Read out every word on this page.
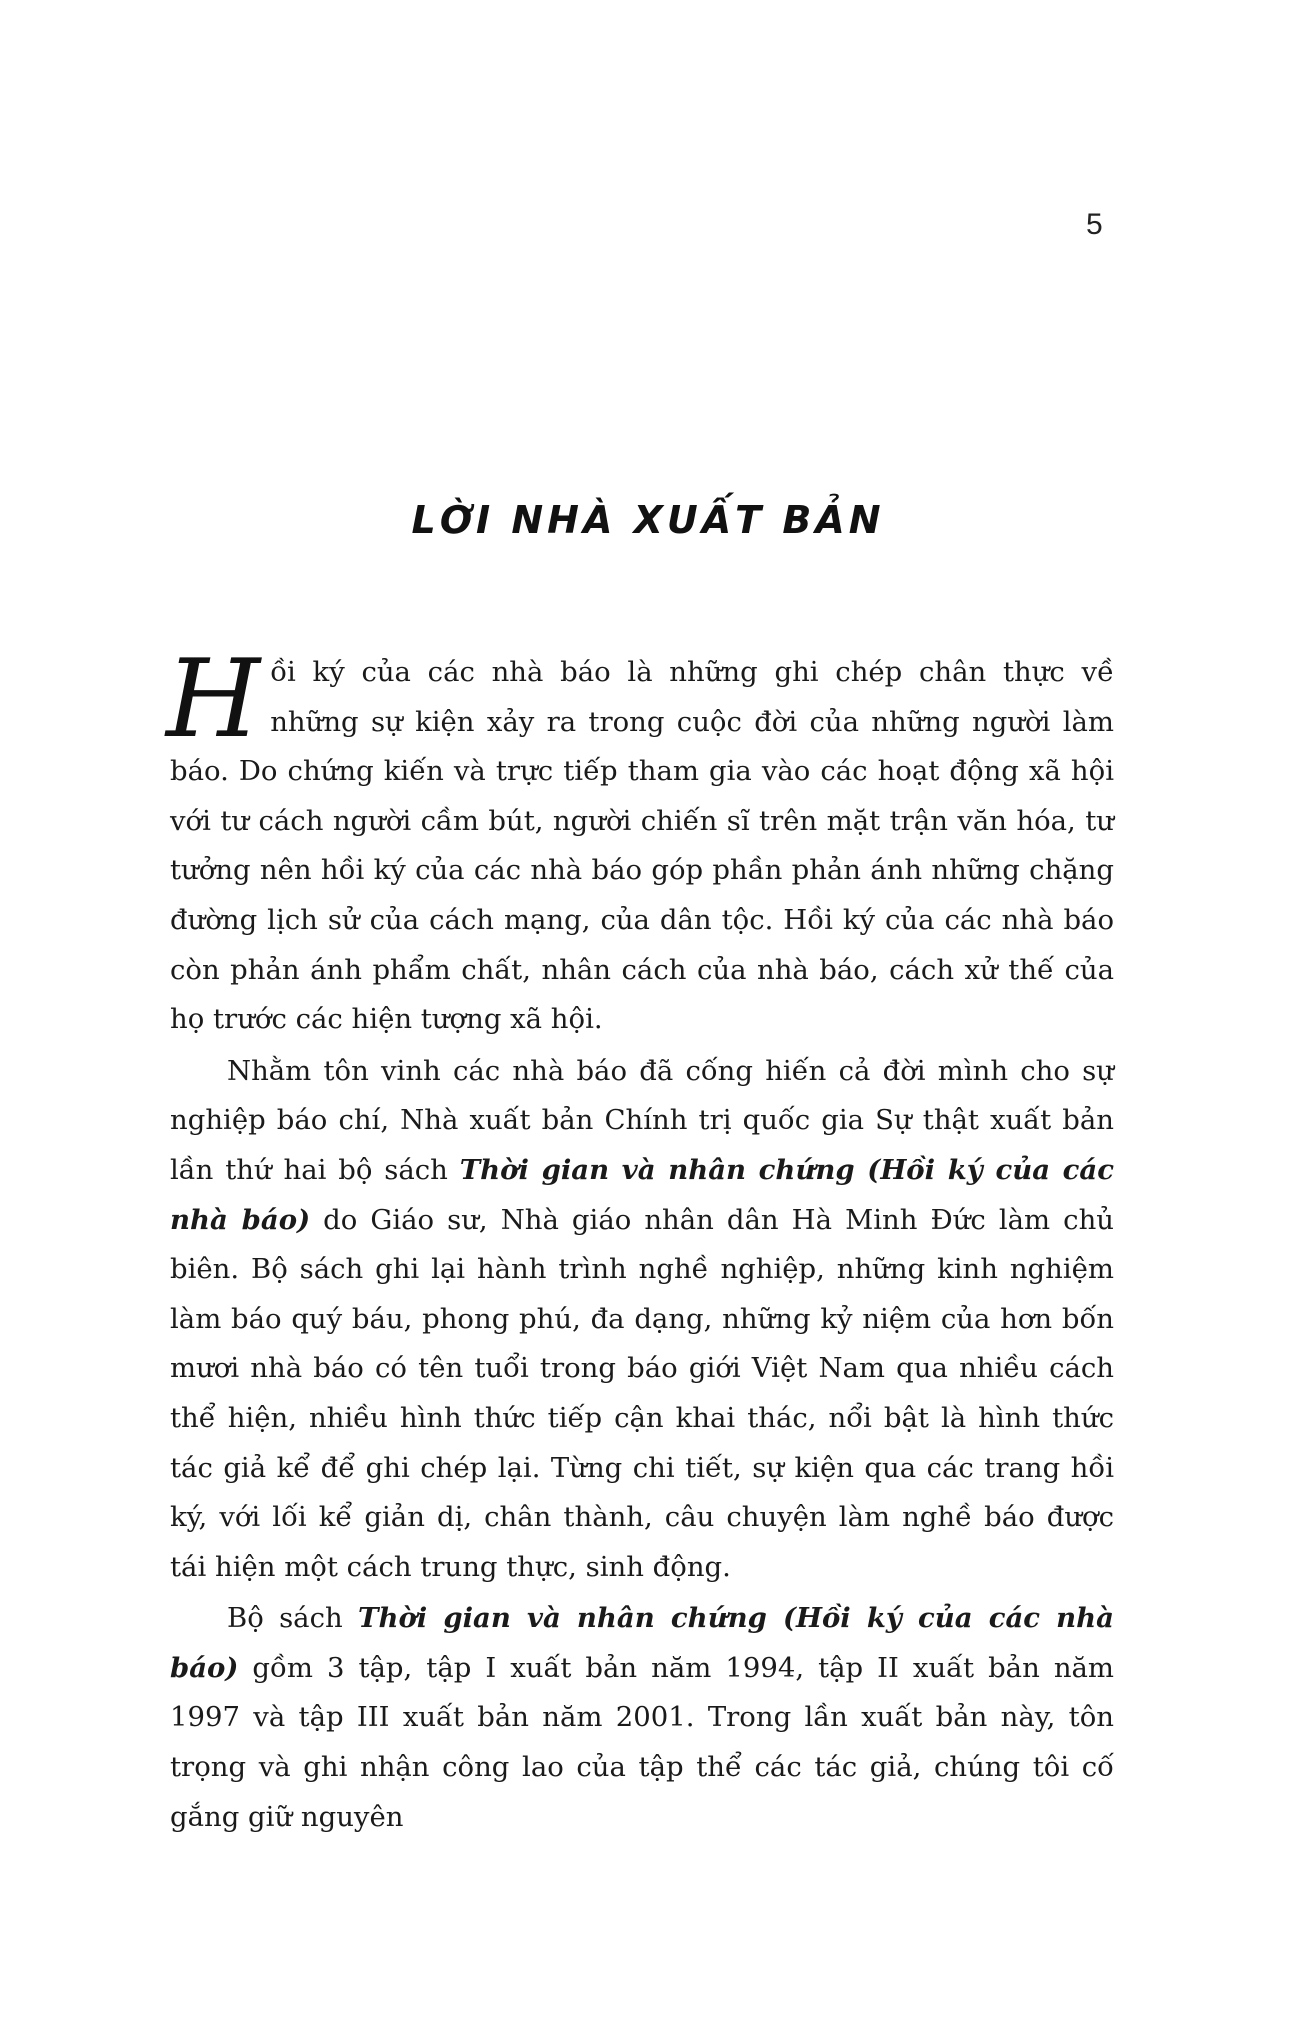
5
LỜI NHÀ XUẤT BẢN

Hồi ký của các nhà báo là những ghi chép chân thực về những sự kiện xảy ra trong cuộc đời của những người làm báo. Do chứng kiến và trực tiếp tham gia vào các hoạt động xã hội với tư cách người cầm bút, người chiến sĩ trên mặt trận văn hóa, tư tưởng nên hồi ký của các nhà báo góp phần phản ánh những chặng đường lịch sử của cách mạng, của dân tộc. Hồi ký của các nhà báo còn phản ánh phẩm chất, nhân cách của nhà báo, cách xử thế của họ trước các hiện tượng xã hội.

Nhằm tôn vinh các nhà báo đã cống hiến cả đời mình cho sự nghiệp báo chí, Nhà xuất bản Chính trị quốc gia Sự thật xuất bản lần thứ hai bộ sách Thời gian và nhân chứng (Hồi ký của các nhà báo) do Giáo sư, Nhà giáo nhân dân Hà Minh Đức làm chủ biên. Bộ sách ghi lại hành trình nghề nghiệp, những kinh nghiệm làm báo quý báu, phong phú, đa dạng, những kỷ niệm của hơn bốn mươi nhà báo có tên tuổi trong báo giới Việt Nam qua nhiều cách thể hiện, nhiều hình thức tiếp cận khai thác, nổi bật là hình thức tác giả kể để ghi chép lại. Từng chi tiết, sự kiện qua các trang hồi ký, với lối kể giản dị, chân thành, câu chuyện làm nghề báo được tái hiện một cách trung thực, sinh động.

Bộ sách Thời gian và nhân chứng (Hồi ký của các nhà báo) gồm 3 tập, tập I xuất bản năm 1994, tập II xuất bản năm 1997 và tập III xuất bản năm 2001. Trong lần xuất bản này, tôn trọng và ghi nhận công lao của tập thể các tác giả, chúng tôi cố gắng giữ nguyên
